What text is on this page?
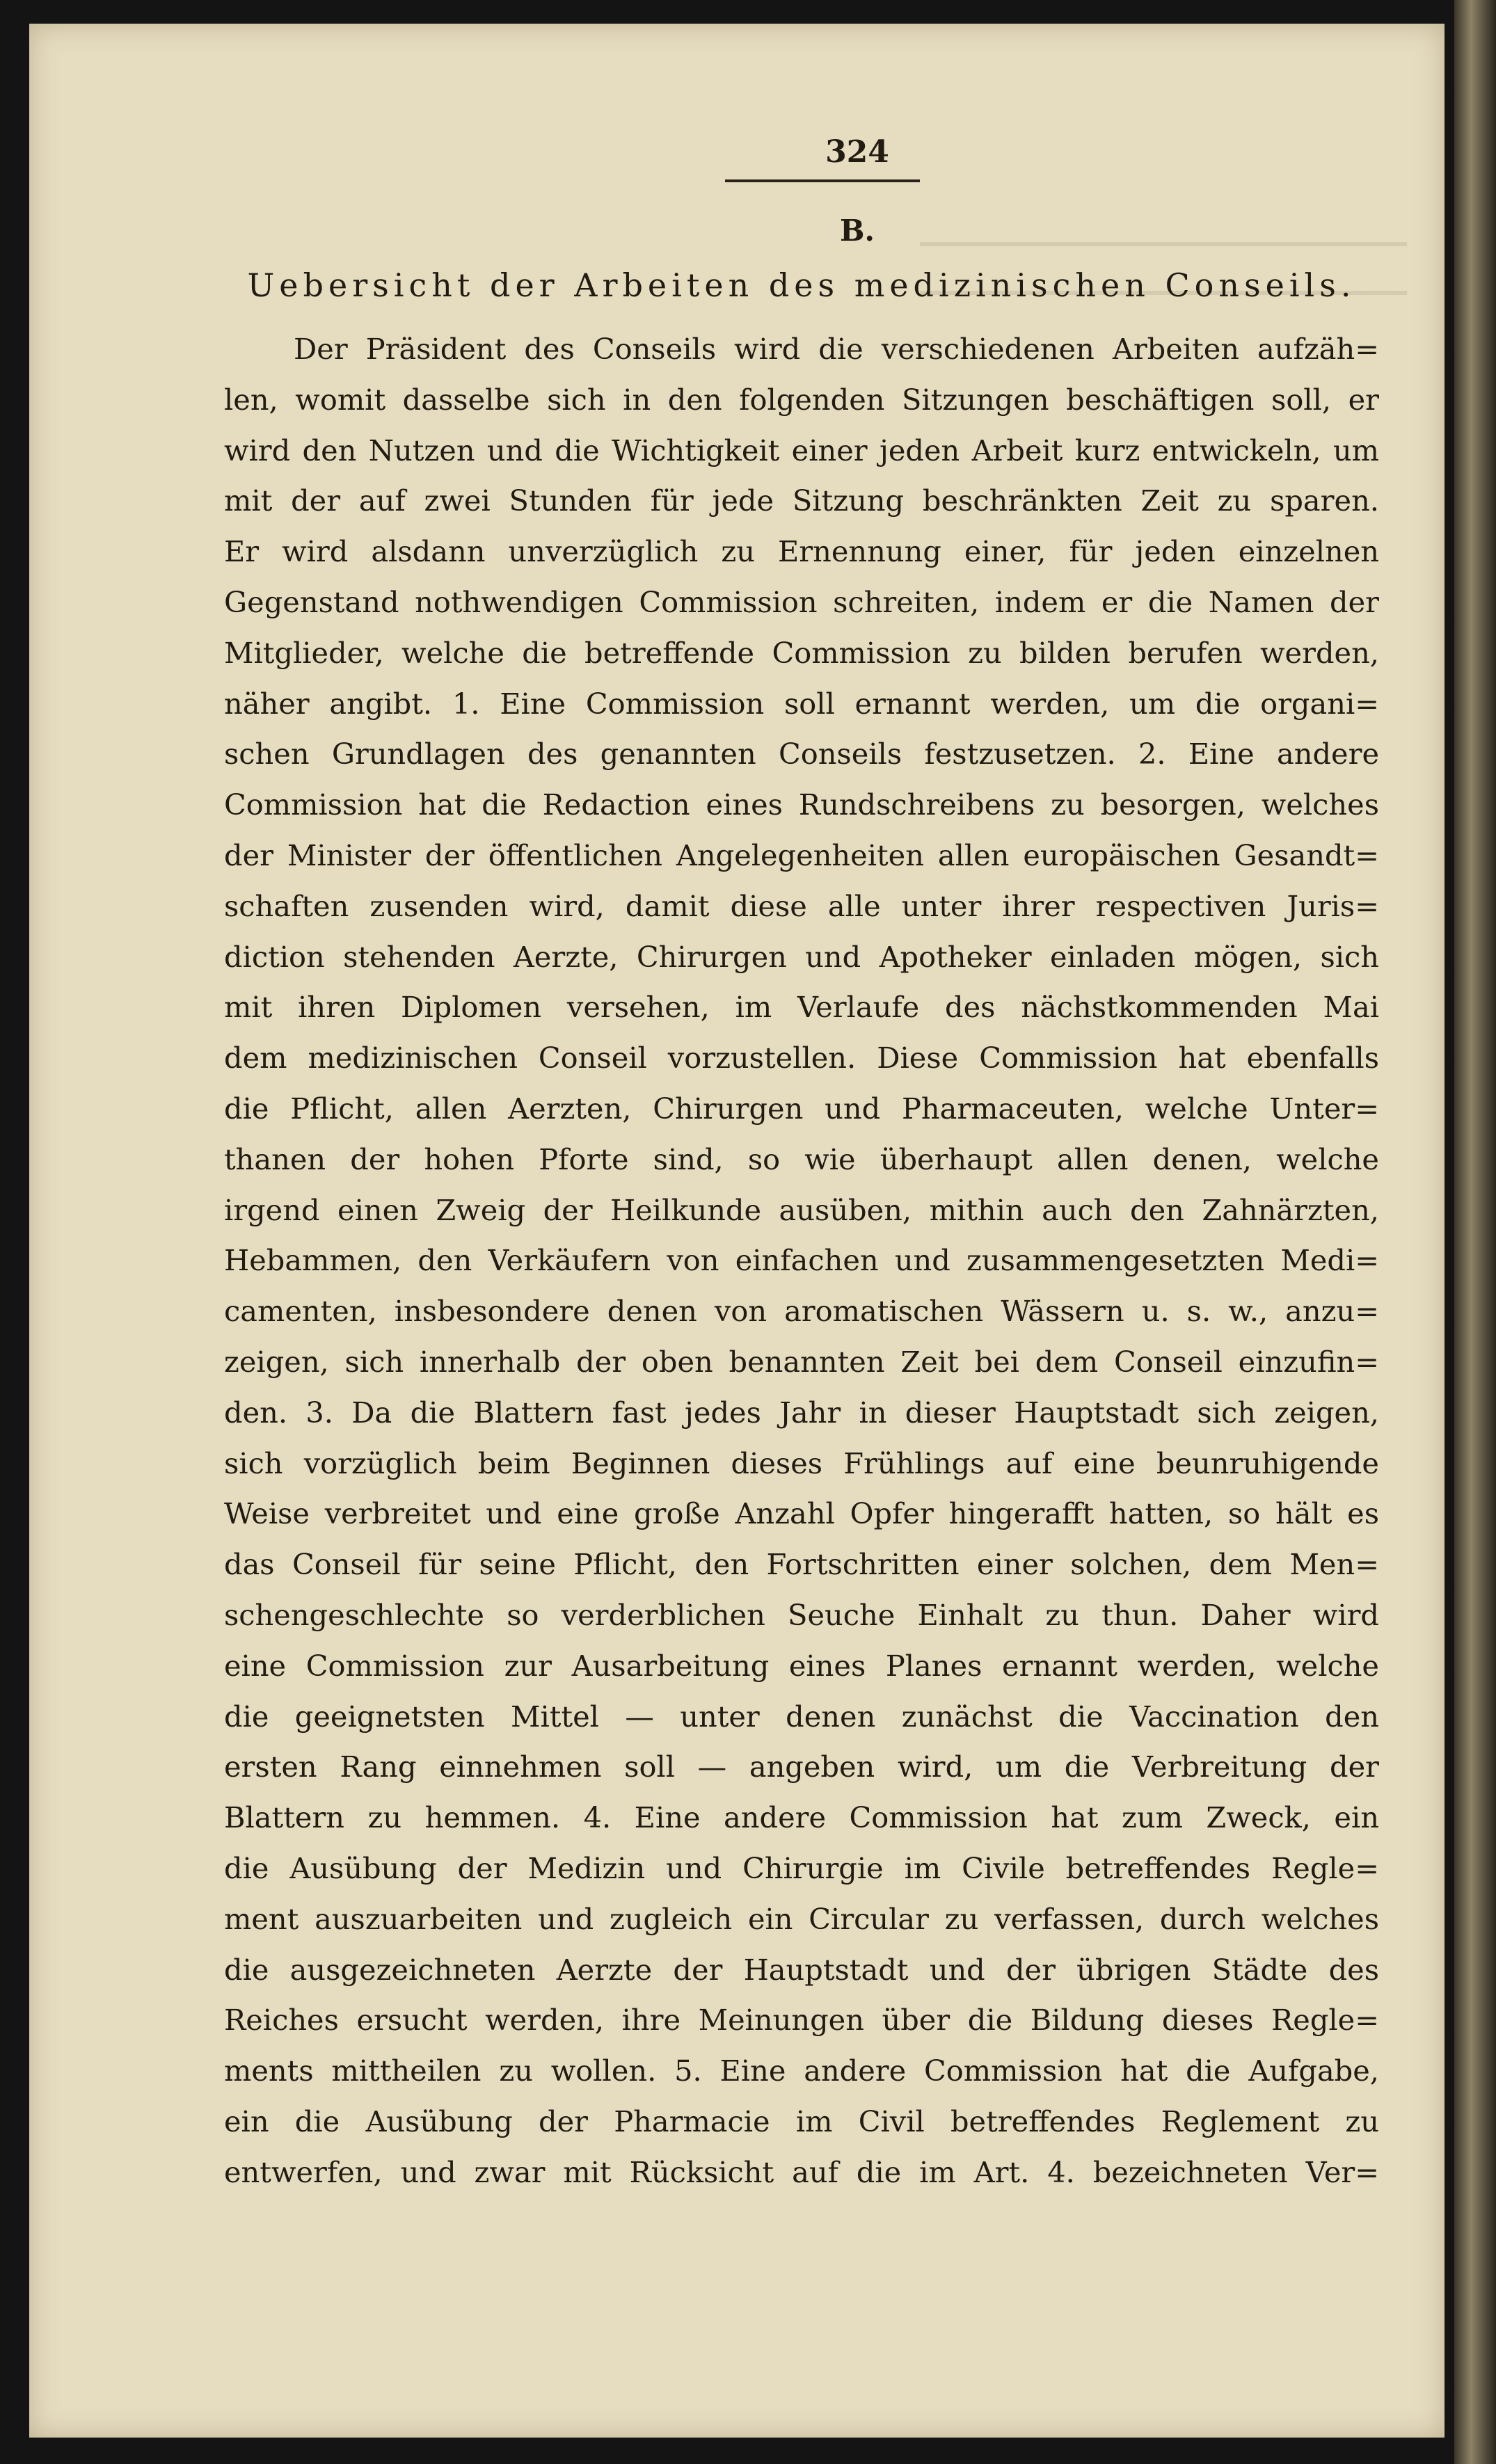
324
B.
Uebersicht der Arbeiten des medizinischen Conseils.
Der Präsident des Conseils wird die verschiedenen Arbeiten aufzäh=
len, womit dasselbe sich in den folgenden Sitzungen beschäftigen soll, er
wird den Nutzen und die Wichtigkeit einer jeden Arbeit kurz entwickeln, um
mit der auf zwei Stunden für jede Sitzung beschränkten Zeit zu sparen.
Er wird alsdann unverzüglich zu Ernennung einer, für jeden einzelnen
Gegenstand nothwendigen Commission schreiten, indem er die Namen der
Mitglieder, welche die betreffende Commission zu bilden berufen werden,
näher angibt. 1. Eine Commission soll ernannt werden, um die organi=
schen Grundlagen des genannten Conseils festzusetzen. 2. Eine andere
Commission hat die Redaction eines Rundschreibens zu besorgen, welches
der Minister der öffentlichen Angelegenheiten allen europäischen Gesandt=
schaften zusenden wird, damit diese alle unter ihrer respectiven Juris=
diction stehenden Aerzte, Chirurgen und Apotheker einladen mögen, sich
mit ihren Diplomen versehen, im Verlaufe des nächstkommenden Mai
dem medizinischen Conseil vorzustellen. Diese Commission hat ebenfalls
die Pflicht, allen Aerzten, Chirurgen und Pharmaceuten, welche Unter=
thanen der hohen Pforte sind, so wie überhaupt allen denen, welche
irgend einen Zweig der Heilkunde ausüben, mithin auch den Zahnärzten,
Hebammen, den Verkäufern von einfachen und zusammengesetzten Medi=
camenten, insbesondere denen von aromatischen Wässern u. s. w., anzu=
zeigen, sich innerhalb der oben benannten Zeit bei dem Conseil einzufin=
den. 3. Da die Blattern fast jedes Jahr in dieser Hauptstadt sich zeigen,
sich vorzüglich beim Beginnen dieses Frühlings auf eine beunruhigende
Weise verbreitet und eine große Anzahl Opfer hingerafft hatten, so hält es
das Conseil für seine Pflicht, den Fortschritten einer solchen, dem Men=
schengeschlechte so verderblichen Seuche Einhalt zu thun. Daher wird
eine Commission zur Ausarbeitung eines Planes ernannt werden, welche
die geeignetsten Mittel — unter denen zunächst die Vaccination den
ersten Rang einnehmen soll — angeben wird, um die Verbreitung der
Blattern zu hemmen. 4. Eine andere Commission hat zum Zweck, ein
die Ausübung der Medizin und Chirurgie im Civile betreffendes Regle=
ment auszuarbeiten und zugleich ein Circular zu verfassen, durch welches
die ausgezeichneten Aerzte der Hauptstadt und der übrigen Städte des
Reiches ersucht werden, ihre Meinungen über die Bildung dieses Regle=
ments mittheilen zu wollen. 5. Eine andere Commission hat die Aufgabe,
ein die Ausübung der Pharmacie im Civil betreffendes Reglement zu
entwerfen, und zwar mit Rücksicht auf die im Art. 4. bezeichneten Ver=
